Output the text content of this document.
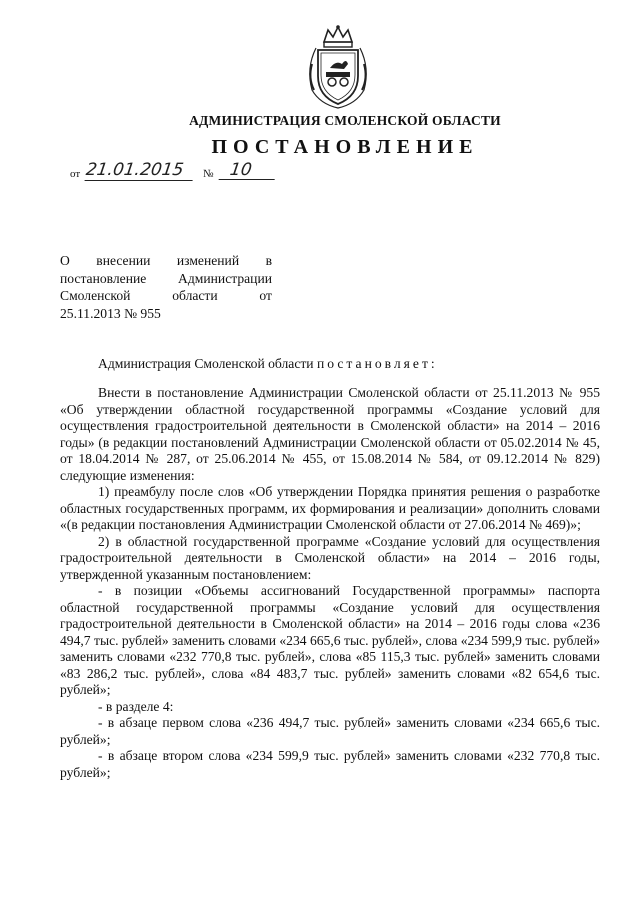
АДМИНИСТРАЦИЯ СМОЛЕНСКОЙ ОБЛАСТИ
ПОСТАНОВЛЕНИЕ
от 21.01.2015	№ 10
О внесении изменений в
постановление Администрации
Смоленской области от
25.11.2013 № 955
Администрация Смоленской области постановляет:

Внести в постановление Администрации Смоленской области от 25.11.2013 № 955 «Об утверждении областной государственной программы «Создание условий для осуществления градостроительной деятельности в Смоленской области» на 2014 – 2016 годы» (в редакции постановлений Администрации Смоленской области от 05.02.2014 № 45, от 18.04.2014 № 287, от 25.06.2014 № 455, от 15.08.2014 № 584, от 09.12.2014 № 829) следующие изменения:

1) преамбулу после слов «Об утверждении Порядка принятия решения о разработке областных государственных программ, их формирования и реализации» дополнить словами «(в редакции постановления Администрации Смоленской области от 27.06.2014 № 469)»;

2) в областной государственной программе «Создание условий для осуществления градостроительной деятельности в Смоленской области» на 2014 – 2016 годы, утвержденной указанным постановлением:

- в позиции «Объемы ассигнований Государственной программы» паспорта областной государственной программы «Создание условий для осуществления градостроительной деятельности в Смоленской области» на 2014 – 2016 годы слова «236 494,7 тыс. рублей» заменить словами «234 665,6 тыс. рублей», слова «234 599,9 тыс. рублей» заменить словами «232 770,8 тыс. рублей», слова «85 115,3 тыс. рублей» заменить словами «83 286,2 тыс. рублей», слова «84 483,7 тыс. рублей» заменить словами «82 654,6 тыс. рублей»;

- в разделе 4:

- в абзаце первом слова «236 494,7 тыс. рублей» заменить словами «234 665,6 тыс. рублей»;

- в абзаце втором слова «234 599,9 тыс. рублей» заменить словами «232 770,8 тыс. рублей»;
